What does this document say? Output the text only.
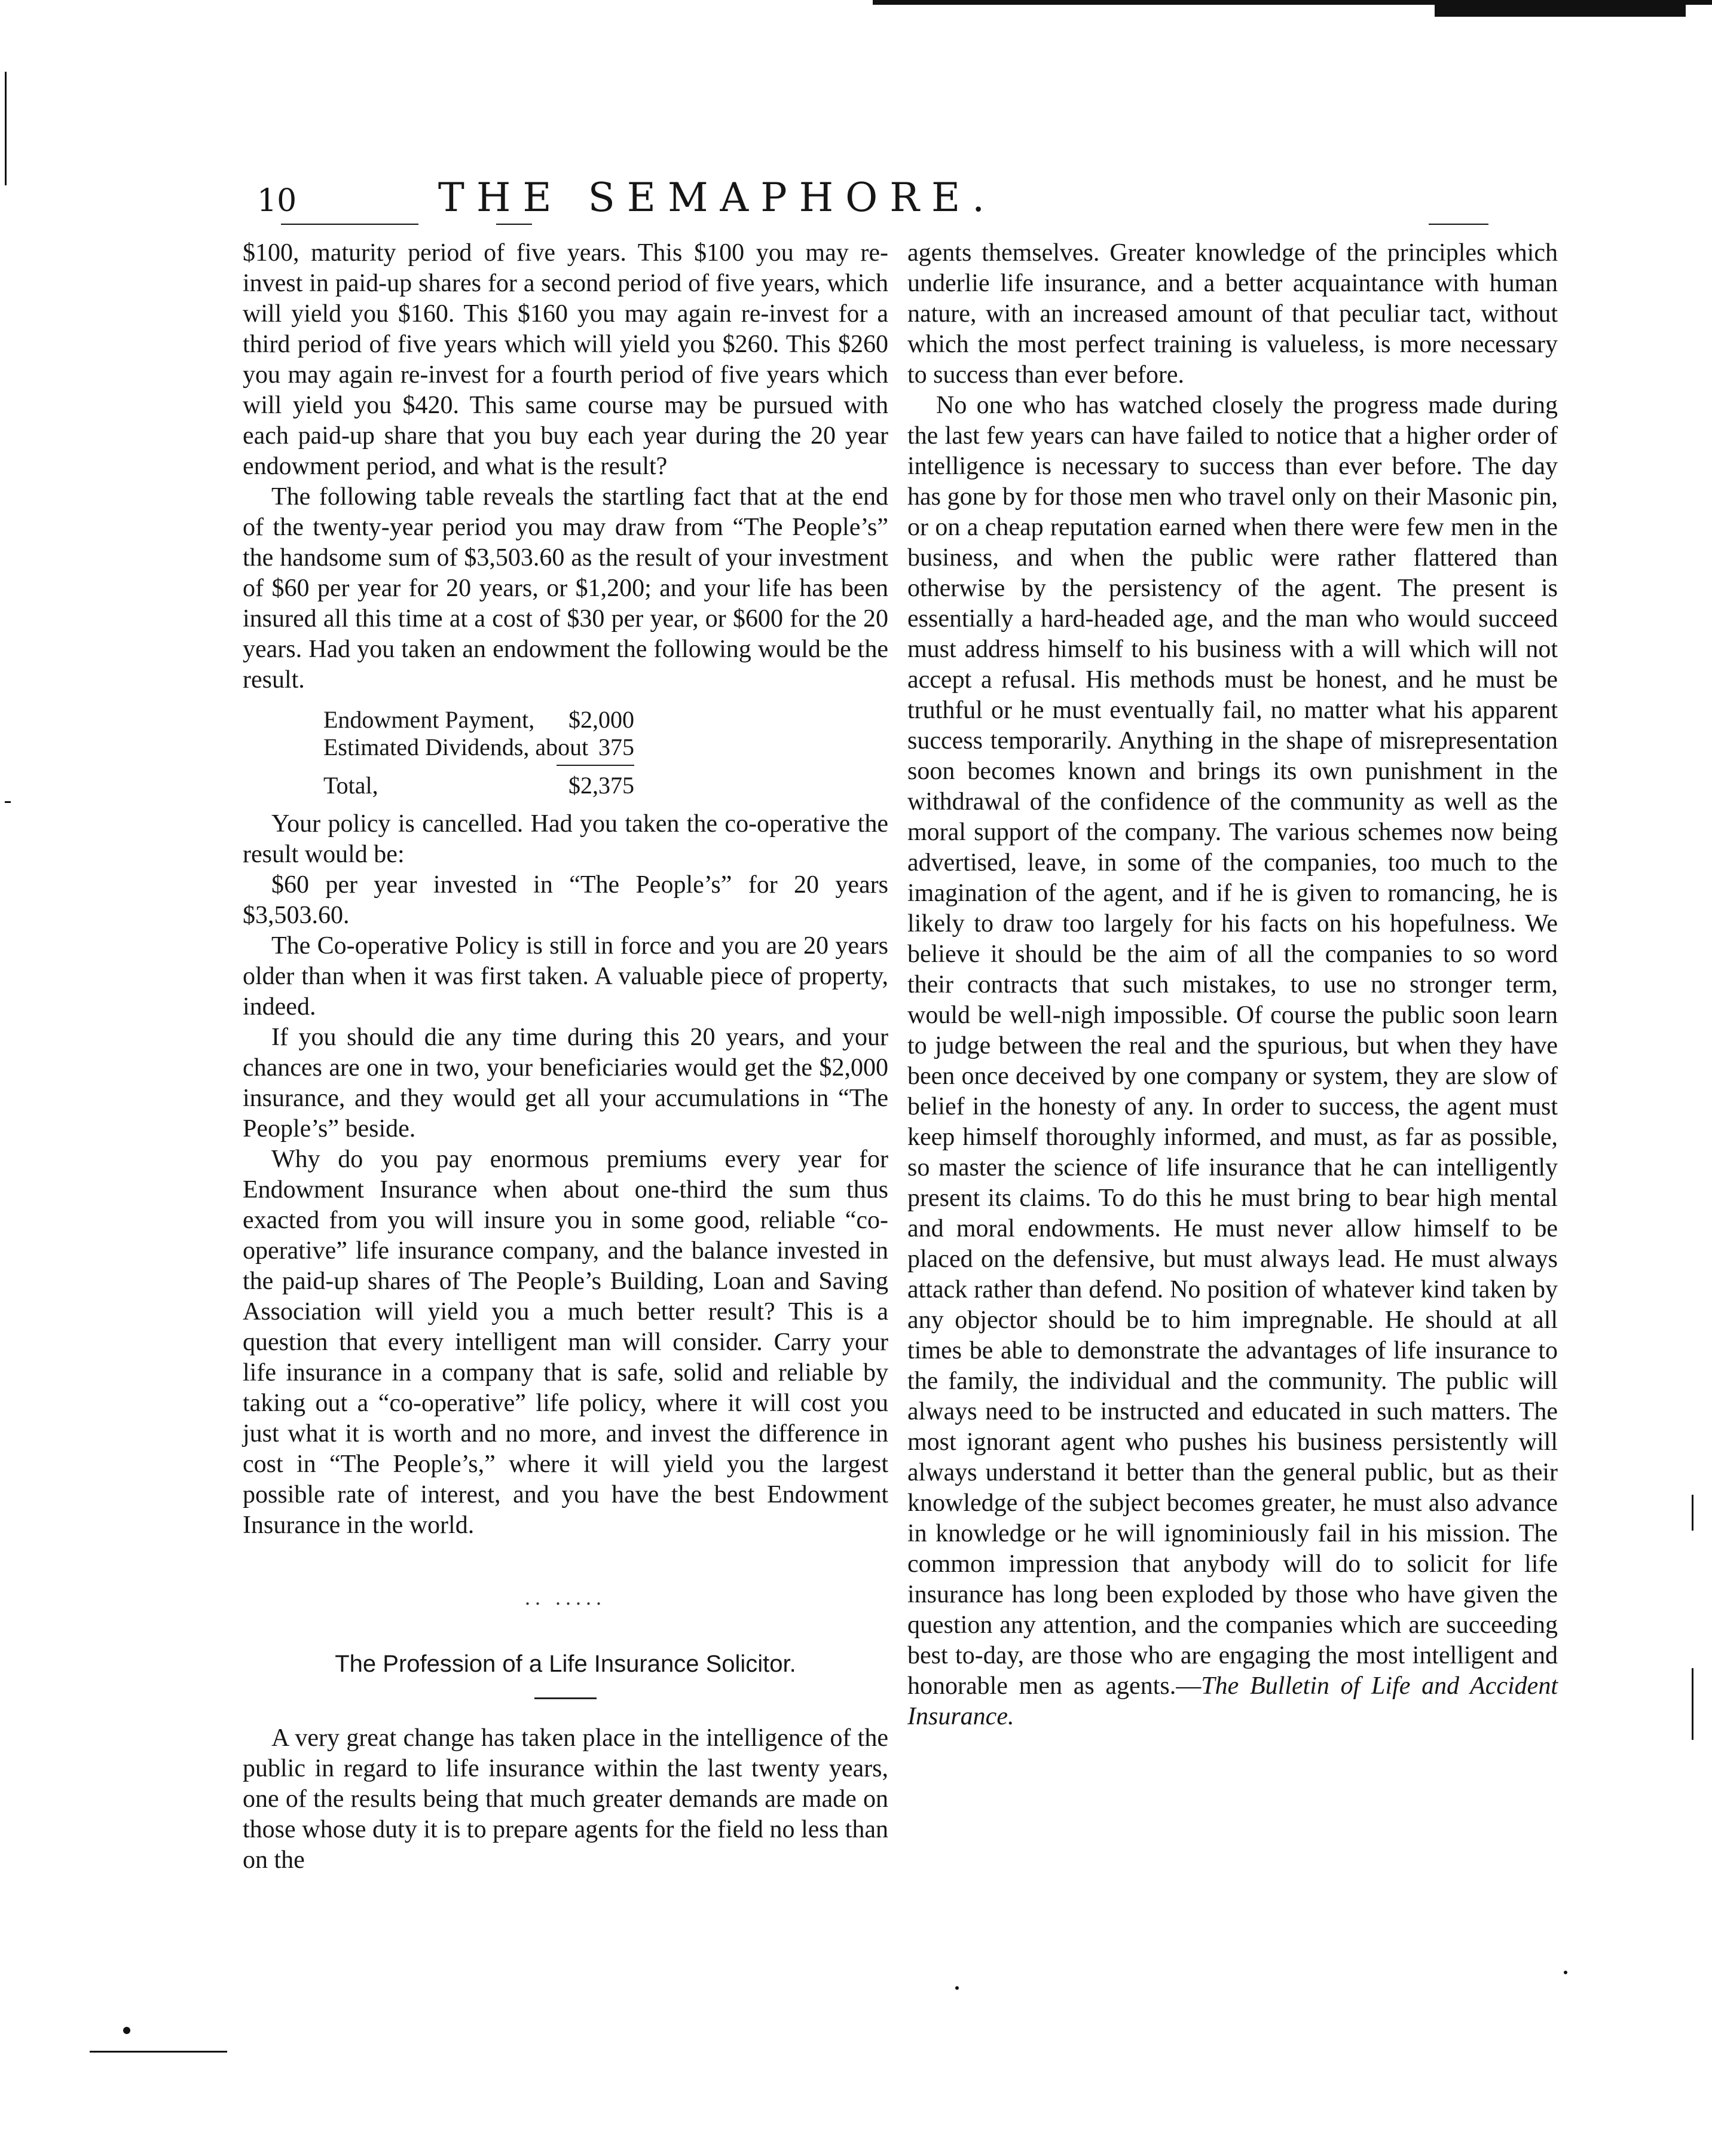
10	THE SEMAPHORE.

$100, maturity period of five years. This $100 you may re-invest in paid-up shares for a second period of five years, which will yield you $160. This $160 you may again re-invest for a third period of five years which will yield you $260. This $260 you may again re-invest for a fourth period of five years which will yield you $420. This same course may be pursued with each paid-up share that you buy each year during the 20 year endowment period, and what is the result?

The following table reveals the startling fact that at the end of the twenty-year period you may draw from “The People’s” the handsome sum of $3,503.60 as the result of your investment of $60 per year for 20 years, or $1,200; and your life has been insured all this time at a cost of $30 per year, or $600 for the 20 years. Had you taken an endowment the following would be the result.

Endowment Payment, $2,000
Estimated Dividends, about 375
Total,	$2,375

Your policy is cancelled. Had you taken the co-operative the result would be:

$60 per year invested in “The People’s” for 20 years $3,503.60.

The Co-operative Policy is still in force and you are 20 years older than when it was first taken. A valuable piece of property, indeed.

If you should die any time during this 20 years, and your chances are one in two, your beneficiaries would get the $2,000 insurance, and they would get all your accumulations in “The People’s” beside.

Why do you pay enormous premiums every year for Endowment Insurance when about one-third the sum thus exacted from you will insure you in some good, reliable “co-operative” life insurance company, and the balance invested in the paid-up shares of The People’s Building, Loan and Saving Association will yield you a much better result? This is a question that every intelligent man will consider. Carry your life insurance in a company that is safe, solid and reliable by taking out a “co-operative” life policy, where it will cost you just what it is worth and no more, and invest the difference in cost in “The People’s,” where it will yield you the largest possible rate of interest, and you have the best Endowment Insurance in the world.

.. .....
The Profession of a Life Insurance Solicitor.

A very great change has taken place in the intelligence of the public in regard to life insurance within the last twenty years, one of the results being that much greater demands are made on those whose duty it is to prepare agents for the field no less than on the

agents themselves. Greater knowledge of the principles which underlie life insurance, and a better acquaintance with human nature, with an increased amount of that peculiar tact, without which the most perfect training is valueless, is more necessary to success than ever before.

No one who has watched closely the progress made during the last few years can have failed to notice that a higher order of intelligence is necessary to success than ever before. The day has gone by for those men who travel only on their Masonic pin, or on a cheap reputation earned when there were few men in the business, and when the public were rather flattered than otherwise by the persistency of the agent. The present is essentially a hard-headed age, and the man who would succeed must address himself to his business with a will which will not accept a refusal. His methods must be honest, and he must be truthful or he must eventually fail, no matter what his apparent success temporarily. Anything in the shape of misrepresentation soon becomes known and brings its own punishment in the withdrawal of the confidence of the community as well as the moral support of the company. The various schemes now being advertised, leave, in some of the companies, too much to the imagination of the agent, and if he is given to romancing, he is likely to draw too largely for his facts on his hopefulness. We believe it should be the aim of all the companies to so word their contracts that such mistakes, to use no stronger term, would be well-nigh impossible. Of course the public soon learn to judge between the real and the spurious, but when they have been once deceived by one company or system, they are slow of belief in the honesty of any. In order to success, the agent must keep himself thoroughly informed, and must, as far as possible, so master the science of life insurance that he can intelligently present its claims. To do this he must bring to bear high mental and moral endowments. He must never allow himself to be placed on the defensive, but must always lead. He must always attack rather than defend. No position of whatever kind taken by any objector should be to him impregnable. He should at all times be able to demonstrate the advantages of life insurance to the family, the individual and the community. The public will always need to be instructed and educated in such matters. The most ignorant agent who pushes his business persistently will always understand it better than the general public, but as their knowledge of the subject becomes greater, he must also advance in knowledge or he will ignominiously fail in his mission. The common impression that anybody will do to solicit for life insurance has long been exploded by those who have given the question any attention, and the companies which are succeeding best to-day, are those who are engaging the most intelligent and honorable men as agents.—The Bulletin of Life and Accident Insurance.
